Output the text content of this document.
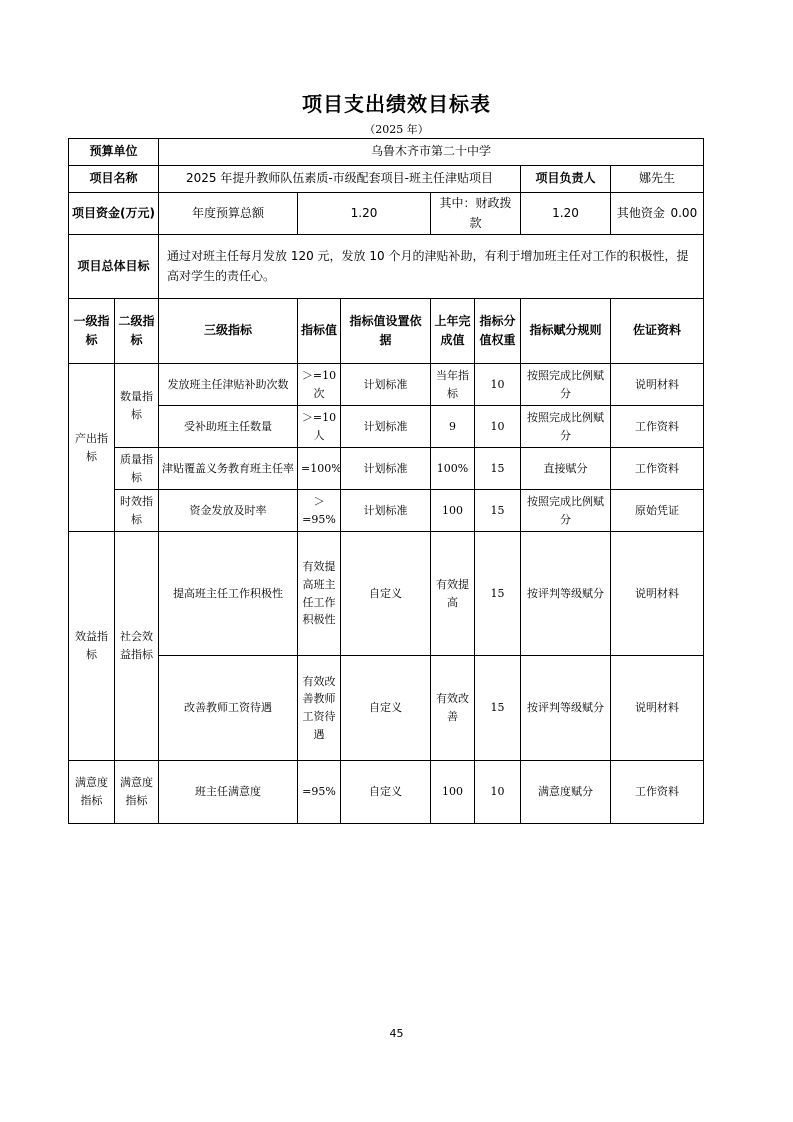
项目支出绩效目标表
（2025 年）
预算单位		乌鲁木齐市第二十中学						
项目名称		2025 年提升教师队伍素质-市级配套项目-班主任津贴项目					项目负责人	娜先生
项目资金(万元)		年度预算总额	1.20		其中：财政拨款		1.20	其他资金 0.00

项目总体目标		通过对班主任每月发放 120 元，发放 10 个月的津贴补助，有利于增加班主任对工作的积极性，提高对学生的责任心。						
一级指标	二级指标	三级指标	指标值	指标值设置依据	上年完成值	指标分值权重	指标赋分规则	佐证资料
产出指标	数量指标	发放班主任津贴补助次数	＞=10次	计划标准	当年指标	10	按照完成比例赋分	说明材料
		受补助班主任数量	＞=10人	计划标准	9	10	按照完成比例赋分	工作资料
	质量指标	津贴覆盖义务教育班主任率	=100%	计划标准	100%	15	直接赋分	工作资料
	时效指标	资金发放及时率	＞=95%	计划标准	100	15	按照完成比例赋分	原始凭证
效益指标	社会效益指标	提高班主任工作积极性	有效提高班主任工作积极性	自定义	有效提高	15	按评判等级赋分	说明材料
		改善教师工资待遇	有效改善教师工资待遇	自定义	有效改善	15	按评判等级赋分	说明材料
满意度指标	满意度指标	班主任满意度	=95%	自定义	100	10	满意度赋分	工作资料
45
